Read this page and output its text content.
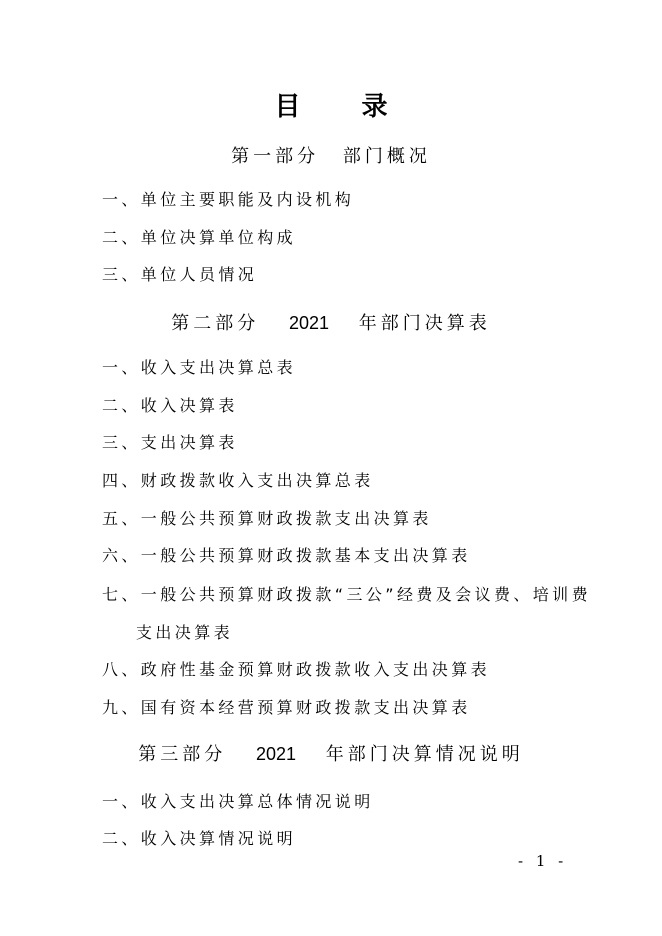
目 录
第一部分 部门概况
一、单位主要职能及内设机构
二、单位决算单位构成
三、单位人员情况
第二部分 2021 年部门决算表
一、收入支出决算总表
二、收入决算表
三、支出决算表
四、财政拨款收入支出决算总表
五、一般公共预算财政拨款支出决算表
六、一般公共预算财政拨款基本支出决算表
七、一般公共预算财政拨款“三公”经费及会议费、培训费
支出决算表
八、政府性基金预算财政拨款收入支出决算表
九、国有资本经营预算财政拨款支出决算表
第三部分 2021 年部门决算情况说明
一、收入支出决算总体情况说明
二、收入决算情况说明
- 1 -
